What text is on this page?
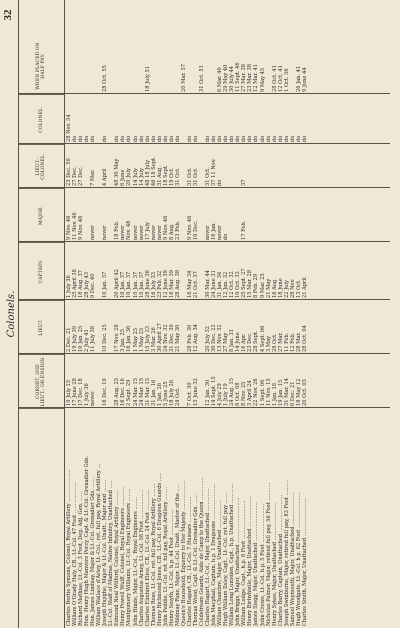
32
Colonels.
CORNET, 2ND LIEUT., OR ENSIGN.
LIEUT.
CAPTAIN.
MAJOR.
LIEUT.-COLONEL.
COLONEL.
WHEN PLACED ON HALF PAY.
Charles Bertie Symons, Colonel, Royal Artillery ....................
10 July 15
2 Dec. 21
1 July 36
9 Nov. 46
23 Dec. 50
28 Nov. 54
William O'Grady Haly, CB., Lt.-Col. 47 Foot ...................
17 June 28
19 July 39
25 April 38
11 Nov. 46
27 Dec.
do
Richard Mathias, Lt.-Col. 3 Foot, Dep. Adj. Gen. ......
17 Dec. 18
10 Jan. 25
18 Aug. 37
9 Nov. 46
27 Dec.
do
Hon. Henry Hugh Manvers Percy, Capt. & Lt.-Col. Grenadier Gds.
1 July 36
2 July 41
28 July 43
do
Hon. James Lindsay, Major & Lt.-Col. Grenadier Gds. ......
never
11 July 38
9 Dec. 40
never
7 Mar.
do
William Wallace d'Arley, Lt.-Col., ret. full pay, Royal Artillery ... Joseph Huyghe, Major & Lt.-Col. Unatt., Major and ........
16 Dec. 19
10 Dec. 25
10 Jan. 37
never
4 April
do
28 Oct. 55
Lt.-Col. Staff of Madras, Native Infantry, Unattached ..... Edmund Neal Wilford, Colonel, Royal Artillery .........
28 Aug. 25
17 Nov. 28
20 April 42
18 Feb.
48 30 May
do
Henry Powell Wulff, Colonel, Royal Engineers ............
16 Dec. 16
3 Jan. 25
10 Jan. 37
never
6 June
do
Montgomery Williams, Lt.-Col. Royal Engineers ........
2 Sept. 29
16 Jan. 36
10 Jan. 37
Nov. 46
20 July
do
John Hinde, Major, Lt.-Col., Royal Engineers ........
24 Mar. 15
1 May 25
10 Jan. 37
never
14 July
do
Charles Augustus Arney, Lt.-Col. 58 Foot ..................
24 Mar. 15
1 May 25
10 Jan. 37
never
14 July
do
Charles Elmhirst Elice, CB., Lt.-Col. 24 Foot .............
31 Mar. 15
15 July 23
28 June 38
17 July
48 18 July
do
18 July 51
Thomas Ross, Lt.-Col. ret. full pay, Royal Artillery ........
31 Jan. 16
3 Mar. 26
16 July 33
never
46 18 Sept.
do
Henry Richmond Jones, CB., Lt.-Col. 6 Dragoon Guards .....
1 Jan. 26
30 April 27
23 Feb. 32
never
31 Aug.
do
John Peddie, Lt.-Col. ret. full pay, Royal Artillery ........
5 June 25
24 Nov. 32
12 June 39
9 Nov. 46
18 Sept.
do
Henry Smyth, Lt.-Col. h.p. 44 Foot ................
18 July 26
31 Dec. 30
16 Mar. 39
8 Aug.
19 Oct.
do
Mildmay Fane, Major, Lt.-Col. Unatt., Master of the ....
24 Oct.
21 May 30
28 Aug. 38
23 Feb.
31 Oct.
do
Queen's Household, Equerry to Her Majesty ..................
20 Mar. 57
Charles Hagart, CB., Lt.-Col. 7 Hussars ................
7 Oct. 30
28 Feb. 30
16 May 34
9 Nov. 46
31 Oct.
do
Thomas Wood, Capt. & Lt.-Col. Grenadier Gds. ......
15 June 32
12 Aug. 34
21 Oct. 37
10 Dec.
31 Oct.
do
Coldstream Guards, Aide de Camp to the Queen ..............
31 Oct. 51
Charles Hagart, Lt.-Col., Major, Unattached ..............
12 Jan. 30
20 July 32
30 Mar. 44
never
31 Oct.
do
John Macphail, Captain, h.p. 1 Dragoons ......................
14 Sept. 15
30 Dec. 22
24 June 31
16 Jan.
37 11 Nov.
do
William Chambré, Major, Unattached .................
4 July 29
13 Nov. 32
31 Jan. 34
never
do
do
6 Mar. 40
Hugh William Ilsley, Capt., Lt.-Col. ret. full pay .......
1 July 19
27 May
12 Jan. 32
do
do
29 May 40
William Long Lumsden, Capt., h.p. Unattached ............
24 Aug. 15
8 Jan. 31
12 Oct. 32
do
30 July 44
John Briggs, Major, Unattached ............................
8 Oct. 08
14 June
10 Oct. 32
do
11 Sept. 46
William Lodge, Capt., h.p. 8 Foot ........................
8 Nov. 25
16 Apr.
25 Sept. 27
17 Feb.
37
do
27 Mar. 38
Henry Birtwhistle, Major, Unattached ...................
3 April 24
23 Dec.
15 Mar. 28
do
23 Mar. 38
James Slegg, Major, Unattached ........................
22 Nov. 26
28 Sept.
8 Feb. 29
do
12 Mar. 41
John Crowe, Lt.-Col. h.p. 5 Foot ........................
1 Sept. 06
4 Sept. 06
9 Mar. 25
do
9 May 45
Nicholas Palmer, Major, retired full pay, 56 Foot ...........
11 Nov. 15
3 May
21 May
do
Henry Sykes, Major, Unattached .......................
1 Jan. 18
28 Oct.
16 Aug.
do
28 Oct. 41
Charles Barry, Captain, Unattached .......................
19 Jan. 15
27 Mar.
18 June
do
12 Oct. 41
Joseph Swinburne, Major, retired full pay, 83 Foot ..........
31 Mar. 14
11 Feb.
22 July
do
1 Oct. 56
Samuel Weymouth, Major, Unattached ....................
6 Dec. 21
12 Feb.
28 Nov.
do
Hugh Woodgate, Lt.-Col. h.p. 62 Foot ......................
18 May 12
28 Mar.
13 Oct.
do
26 Jan. 41
Charles Smith, Major, Unattached ........................
20 Oct. 03
28 Oct. 04
21 April
do
9 June 44
